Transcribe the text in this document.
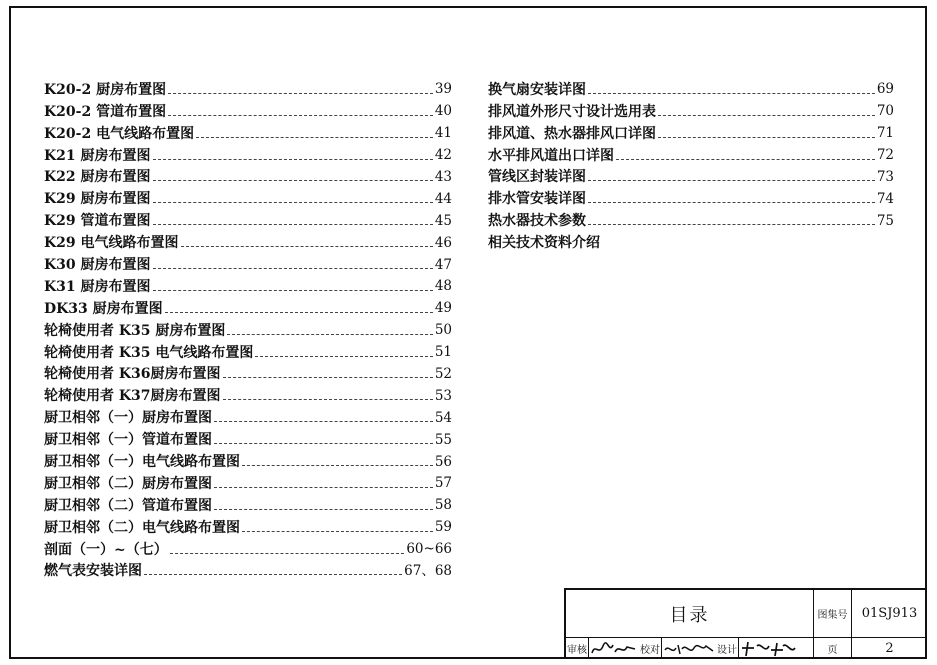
K20-2 厨房布置图	39
K20-2 管道布置图	40
K20-2 电气线路布置图	41
K21 厨房布置图	42
K22 厨房布置图	43
K29 厨房布置图	44
K29 管道布置图	45
K29 电气线路布置图	46
K30 厨房布置图	47
K31 厨房布置图	48
DK33 厨房布置图	49
轮椅使用者 K35 厨房布置图	50
轮椅使用者 K35 电气线路布置图	51
轮椅使用者 K36厨房布置图	52
轮椅使用者 K37厨房布置图	53
厨卫相邻（一）厨房布置图	54
厨卫相邻（一）管道布置图	55
厨卫相邻（一）电气线路布置图	56
厨卫相邻（二）厨房布置图	57
厨卫相邻（二）管道布置图	58
厨卫相邻（二）电气线路布置图	59
剖面（一）~（七）	60~66
燃气表安装详图	67、68
换气扇安装详图	69
排风道外形尺寸设计选用表	70
排风道、热水器排风口详图	71
水平排风道出口详图	72
管线区封装详图	73
排水管安装详图	74
热水器技术参数	75
相关技术资料介绍
目录	图集号	01SJ913
审核	校对	设计	页	2
